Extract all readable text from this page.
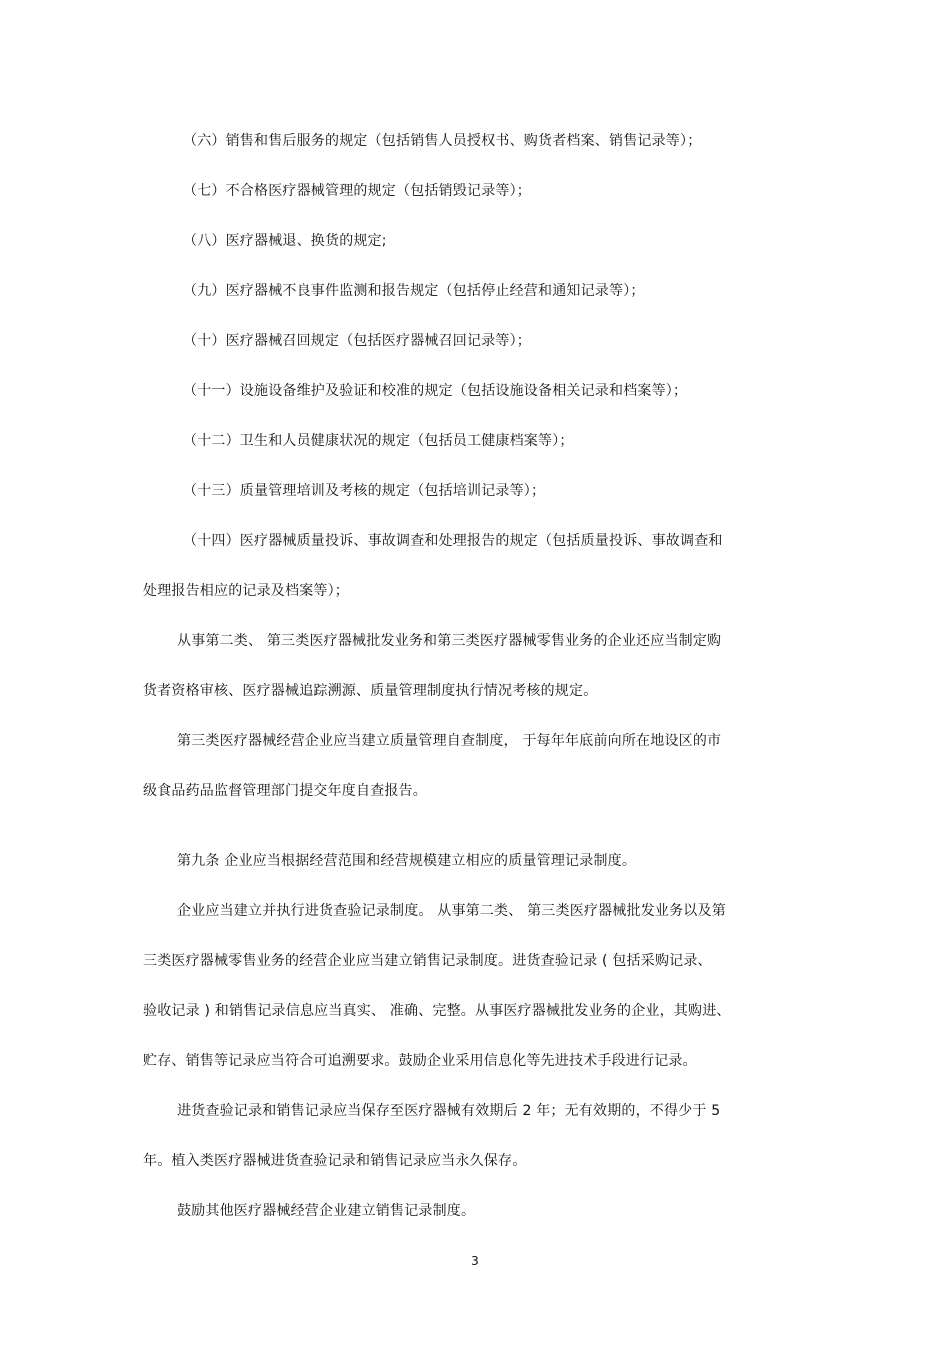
（六）销售和售后服务的规定（包括销售人员授权书、购货者档案、销售记录等）；
（七）不合格医疗器械管理的规定（包括销毁记录等）；
（八）医疗器械退、换货的规定;
（九）医疗器械不良事件监测和报告规定（包括停止经营和通知记录等）；
（十）医疗器械召回规定（包括医疗器械召回记录等）；
（十一）设施设备维护及验证和校准的规定（包括设施设备相关记录和档案等）；
（十二）卫生和人员健康状况的规定（包括员工健康档案等）；
（十三）质量管理培训及考核的规定（包括培训记录等）；
（十四）医疗器械质量投诉、事故调查和处理报告的规定（包括质量投诉、事故调查和
处理报告相应的记录及档案等）；
从事第二类、 第三类医疗器械批发业务和第三类医疗器械零售业务的企业还应当制定购
货者资格审核、医疗器械追踪溯源、质量管理制度执行情况考核的规定。
第三类医疗器械经营企业应当建立质量管理自查制度， 于每年年底前向所在地设区的市
级食品药品监督管理部门提交年度自查报告。
第九条 企业应当根据经营范围和经营规模建立相应的质量管理记录制度。
企业应当建立并执行进货查验记录制度。 从事第二类、 第三类医疗器械批发业务以及第
三类医疗器械零售业务的经营企业应当建立销售记录制度。进货查验记录 ( 包括采购记录、
验收记录 ) 和销售记录信息应当真实、 准确、完整。从事医疗器械批发业务的企业，其购进、
贮存、销售等记录应当符合可追溯要求。鼓励企业采用信息化等先进技术手段进行记录。
进货查验记录和销售记录应当保存至医疗器械有效期后 2 年；无有效期的，不得少于 5
年。植入类医疗器械进货查验记录和销售记录应当永久保存。
鼓励其他医疗器械经营企业建立销售记录制度。
3
